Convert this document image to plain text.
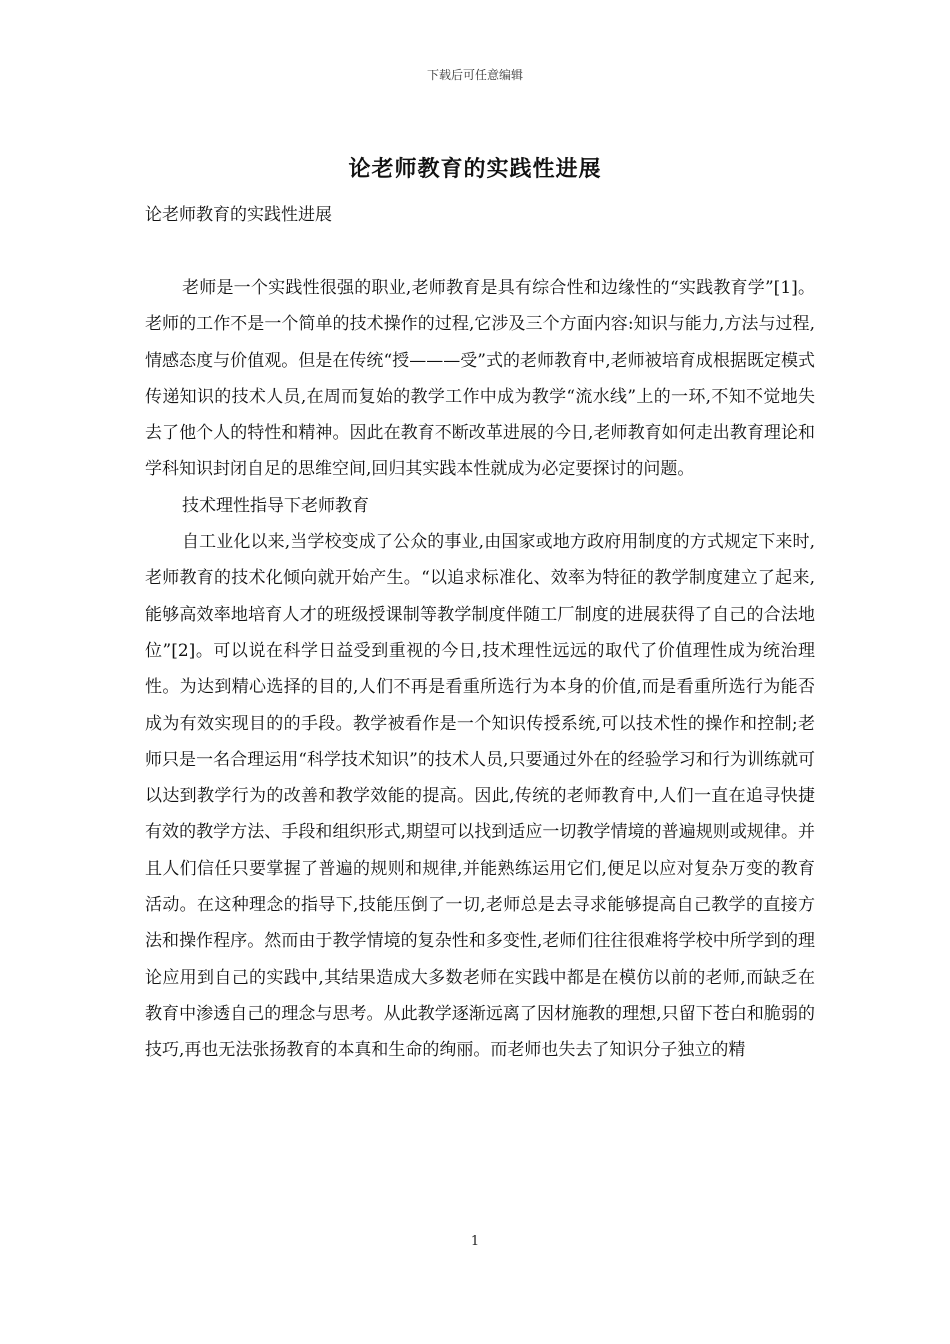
下载后可任意编辑
论老师教育的实践性进展
论老师教育的实践性进展

老师是一个实践性很强的职业,老师教育是具有综合性和边缘性的“实践教育学”[1]。老师的工作不是一个简单的技术操作的过程,它涉及三个方面内容:知识与能力,方法与过程,情感态度与价值观。但是在传统“授———受”式的老师教育中,老师被培育成根据既定模式传递知识的技术人员,在周而复始的教学工作中成为教学“流水线”上的一环,不知不觉地失去了他个人的特性和精神。因此在教育不断改革进展的今日,老师教育如何走出教育理论和学科知识封闭自足的思维空间,回归其实践本性就成为必定要探讨的问题。

技术理性指导下老师教育

自工业化以来,当学校变成了公众的事业,由国家或地方政府用制度的方式规定下来时,老师教育的技术化倾向就开始产生。“以追求标准化、效率为特征的教学制度建立了起来,能够高效率地培育人才的班级授课制等教学制度伴随工厂制度的进展获得了自己的合法地位”[2]。可以说在科学日益受到重视的今日,技术理性远远的取代了价值理性成为统治理性。为达到精心选择的目的,人们不再是看重所选行为本身的价值,而是看重所选行为能否成为有效实现目的的手段。教学被看作是一个知识传授系统,可以技术性的操作和控制;老师只是一名合理运用“科学技术知识”的技术人员,只要通过外在的经验学习和行为训练就可以达到教学行为的改善和教学效能的提高。因此,传统的老师教育中,人们一直在追寻快捷有效的教学方法、手段和组织形式,期望可以找到适应一切教学情境的普遍规则或规律。并且人们信任只要掌握了普遍的规则和规律,并能熟练运用它们,便足以应对复杂万变的教育活动。在这种理念的指导下,技能压倒了一切,老师总是去寻求能够提高自己教学的直接方法和操作程序。然而由于教学情境的复杂性和多变性,老师们往往很难将学校中所学到的理论应用到自己的实践中,其结果造成大多数老师在实践中都是在模仿以前的老师,而缺乏在教育中渗透自己的理念与思考。从此教学逐渐远离了因材施教的理想,只留下苍白和脆弱的技巧,再也无法张扬教育的本真和生命的绚丽。而老师也失去了知识分子独立的精

1
